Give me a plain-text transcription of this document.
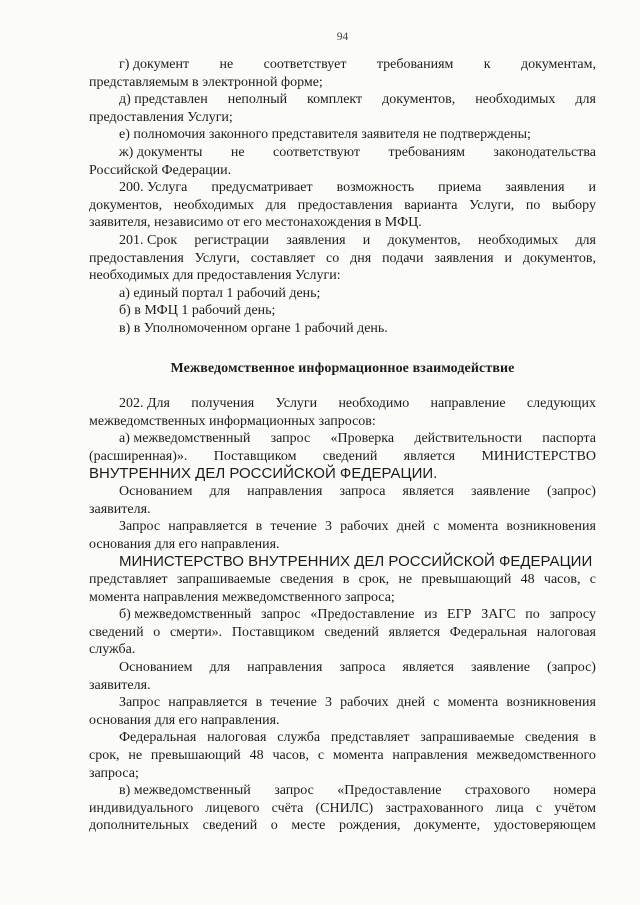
94
г) документ не соответствует требованиям к документам,
представляемым в электронной форме;
д) представлен неполный комплект документов, необходимых для
предоставления Услуги;
е) полномочия законного представителя заявителя не подтверждены;
ж) документы не соответствуют требованиям законодательства
Российской Федерации.
200. Услуга предусматривает возможность приема заявления и
документов, необходимых для предоставления варианта Услуги, по выбору
заявителя, независимо от его местонахождения в МФЦ.
201. Срок регистрации заявления и документов, необходимых для
предоставления Услуги, составляет со дня подачи заявления и документов,
необходимых для предоставления Услуги:
а) единый портал 1 рабочий день;
б) в МФЦ 1 рабочий день;
в) в Уполномоченном органе 1 рабочий день.
Межведомственное информационное взаимодействие
202. Для получения Услуги необходимо направление следующих
межведомственных информационных запросов:
а) межведомственный запрос «Проверка действительности паспорта
(расширенная)». Поставщиком сведений является МИНИСТЕРСТВО
ВНУТРЕННИХ ДЕЛ РОССИЙСКОЙ ФЕДЕРАЦИИ.
Основанием для направления запроса является заявление (запрос)
заявителя.
Запрос направляется в течение 3 рабочих дней с момента возникновения
основания для его направления.
МИНИСТЕРСТВО ВНУТРЕННИХ ДЕЛ РОССИЙСКОЙ ФЕДЕРАЦИИ
представляет запрашиваемые сведения в срок, не превышающий 48 часов, с
момента направления межведомственного запроса;
б) межведомственный запрос «Предоставление из ЕГР ЗАГС по запросу
сведений о смерти». Поставщиком сведений является Федеральная налоговая
служба.
Основанием для направления запроса является заявление (запрос)
заявителя.
Запрос направляется в течение 3 рабочих дней с момента возникновения
основания для его направления.
Федеральная налоговая служба представляет запрашиваемые сведения в
срок, не превышающий 48 часов, с момента направления межведомственного
запроса;
в) межведомственный запрос «Предоставление страхового номера
индивидуального лицевого счёта (СНИЛС) застрахованного лица с учётом
дополнительных сведений о месте рождения, документе, удостоверяющем
